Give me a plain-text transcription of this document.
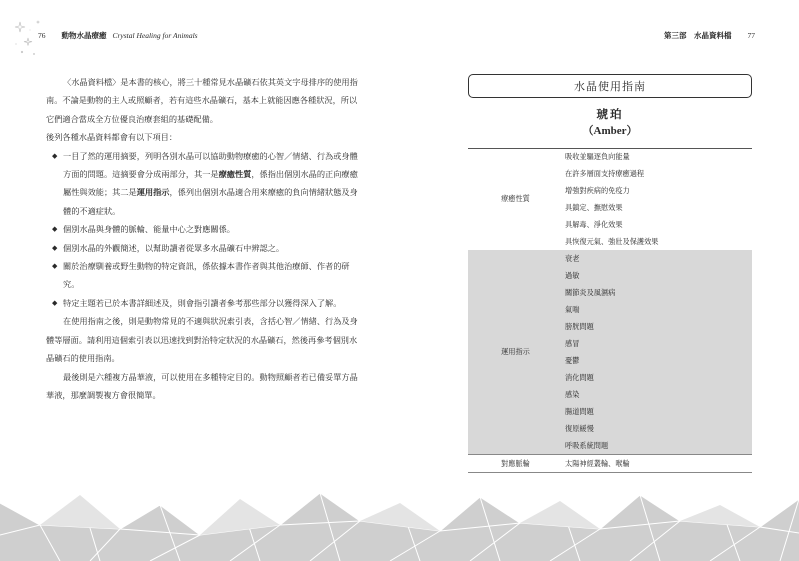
76 動物水晶療癒 Crystal Healing for Animals	第三部　水晶資料檔 77

〈水晶資料檔〉是本書的核心，將三十種常見水晶礦石依其英文字母排序的使用指南。不論是動物的主人或照顧者，若有這些水晶礦石，基本上就能因應各種狀況，所以它們適合當成全方位優良治療套組的基礎配備。

後列各種水晶資料都會有以下項目：

◆ 一目了然的運用摘要，列明各別水晶可以協助動物療癒的心智／情緒、行為或身體方面的問題。這摘要會分成兩部分，其一是療癒性質，係指出個別水晶的正向療癒屬性與效能；其二是運用指示，係列出個別水晶適合用來療癒的負向情緒狀態及身體的不適症狀。
◆ 個別水晶與身體的脈輪、能量中心之對應關係。
◆ 個別水晶的外觀簡述，以幫助讀者從眾多水晶礦石中辨認之。
◆ 關於治療馴養或野生動物的特定資訊，係依據本書作者與其他治療師、作者的研究。
◆ 特定主題若已於本書詳細述及，則會指引讀者參考那些部分以獲得深入了解。

在使用指南之後，則是動物常見的不適與狀況索引表，含括心智／情緒、行為及身體等層面。請利用這個索引表以迅速找到對治特定狀況的水晶礦石，然後再參考個別水晶礦石的使用指南。

最後則是六種複方晶華液，可以使用在多種特定目的。動物照顧者若已備妥單方晶華液，那麼調製複方會很簡單。

水晶使用指南
琥珀
（Amber）
療癒性質
吸收並驅逐負向能量
在許多層面支持療癒過程
增強對疾病的免疫力
具鎮定、撫慰效果
具解毒、淨化效果
具恢復元氣、強壯及保護效果
運用指示
衰老
過敏
關節炎及風濕病
氣喘
膀胱問題
感冒
憂鬱
消化問題
感染
腸道問題
復原緩慢
呼吸系統問題
對應脈輪	太陽神經叢輪、喉輪
